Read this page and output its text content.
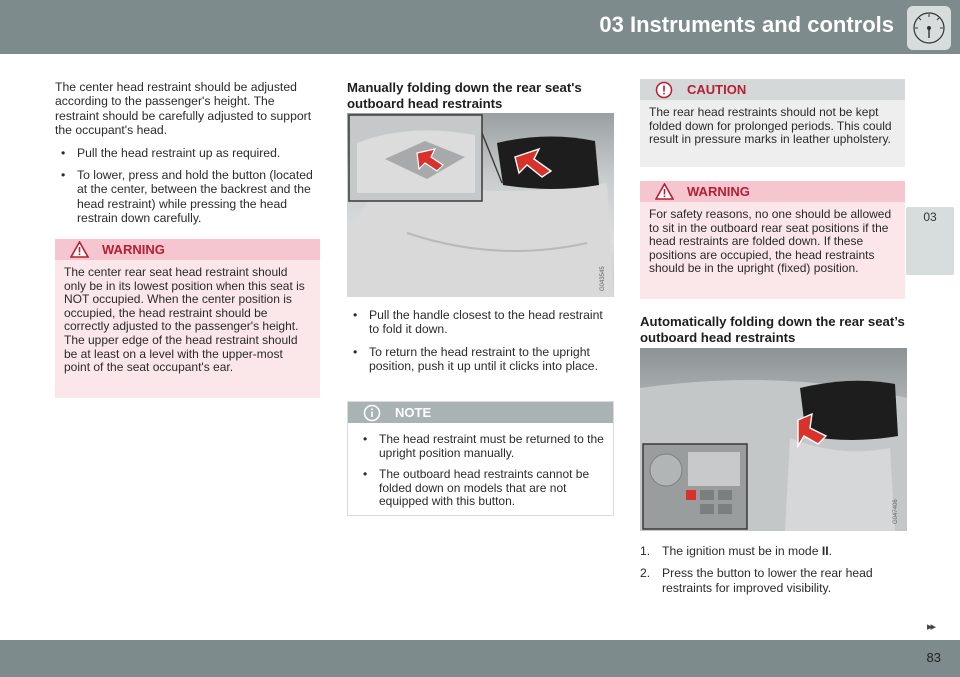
03 Instruments and controls
03

The center head restraint should be adjusted according to the passenger's height. The restraint should be carefully adjusted to support the occupant's head.

• Pull the head restraint up as required.
• To lower, press and hold the button (located at the center, between the backrest and the head restraint) while pressing the head restrain down carefully.
WARNING
The center rear seat head restraint should only be in its lowest position when this seat is NOT occupied. When the center position is occupied, the head restraint should be correctly adjusted to the passenger's height. The upper edge of the head restraint should be at least on a level with the upper-most point of the seat occupant's ear.
Manually folding down the rear seat's outboard head restraints
G043545
• Pull the handle closest to the head restraint to fold it down.
• To return the head restraint to the upright position, push it up until it clicks into place.
NOTE
• The head restraint must be returned to the upright position manually.
• The outboard head restraints cannot be folded down on models that are not equipped with this button.
CAUTION
The rear head restraints should not be kept folded down for prolonged periods. This could result in pressure marks in leather upholstery.
WARNING
For safety reasons, no one should be allowed to sit in the outboard rear seat positions if the head restraints are folded down. If these positions are occupied, the head restraints should be in the upright (fixed) position.
Automatically folding down the rear seat’s outboard head restraints
G047406
1. The ignition must be in mode II.
2. Press the button to lower the rear head restraints for improved visibility.
▸▸
83
